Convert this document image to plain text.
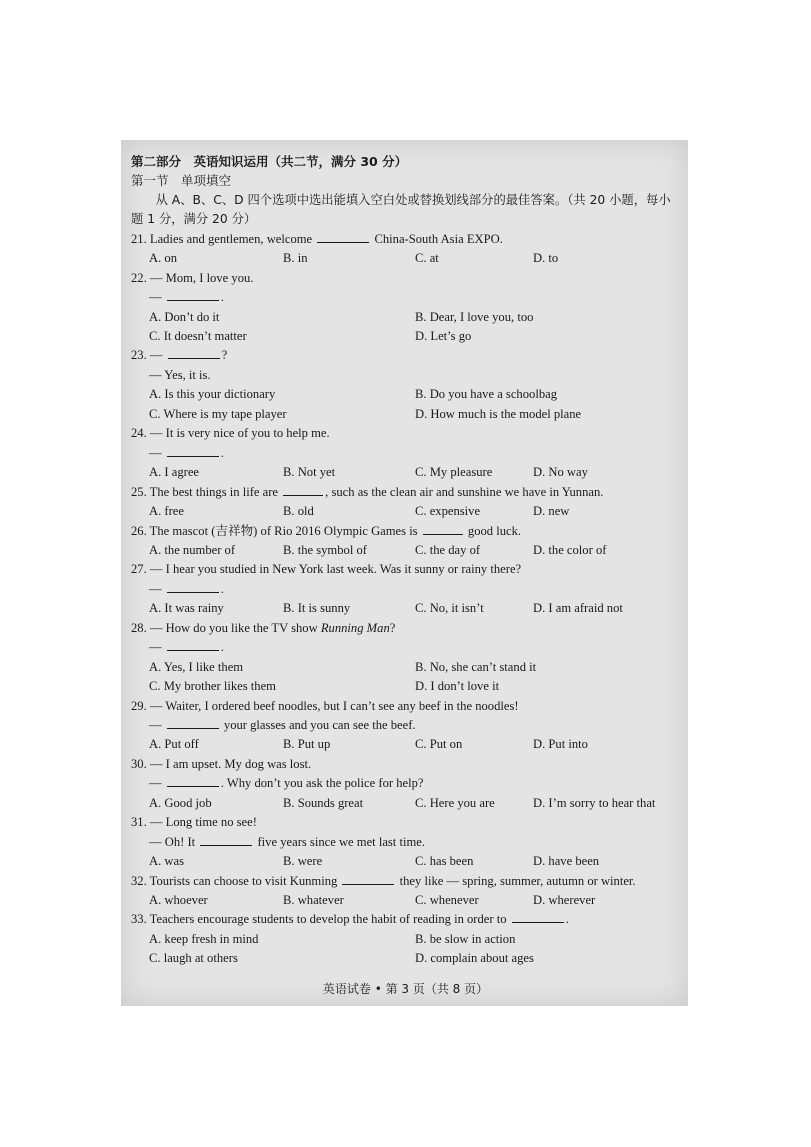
第二部分　英语知识运用（共二节，满分 30 分）
第一节　单项填空
从 A、B、C、D 四个选项中选出能填入空白处或替换划线部分的最佳答案。（共 20 小题，每小题 1 分，满分 20 分）
21. Ladies and gentlemen, welcome	China-South Asia EXPO.
A. on	B. in	C. at	D. to
22. — Mom, I love you.
—	.
A. Don’t do it	B. Dear, I love you, too
C. It doesn’t matter	D. Let’s go
23. —	?
— Yes, it is.
A. Is this your dictionary	B. Do you have a schoolbag
C. Where is my tape player	D. How much is the model plane
24. — It is very nice of you to help me.
—	.
A. I agree	B. Not yet	C. My pleasure	D. No way
25. The best things in life are	, such as the clean air and sunshine we have in Yunnan.
A. free	B. old	C. expensive	D. new
26. The mascot (吉祥物) of Rio 2016 Olympic Games is	good luck.
A. the number of	B. the symbol of	C. the day of	D. the color of
27. — I hear you studied in New York last week. Was it sunny or rainy there?
—	.
A. It was rainy	B. It is sunny	C. No, it isn’t	D. I am afraid not
28. — How do you like the TV show Running Man?
—	.
A. Yes, I like them	B. No, she can’t stand it
C. My brother likes them	D. I don’t love it
29. — Waiter, I ordered beef noodles, but I can’t see any beef in the noodles!
—	your glasses and you can see the beef.
A. Put off	B. Put up	C. Put on	D. Put into
30. — I am upset. My dog was lost.
—	. Why don’t you ask the police for help?
A. Good job	B. Sounds great	C. Here you are	D. I’m sorry to hear that
31. — Long time no see!
— Oh! It	five years since we met last time.
A. was	B. were	C. has been	D. have been
32. Tourists can choose to visit Kunming	they like — spring, summer, autumn or winter.
A. whoever	B. whatever	C. whenever	D. wherever
33. Teachers encourage students to develop the habit of reading in order to	.
A. keep fresh in mind	B. be slow in action
C. laugh at others	D. complain about ages
英语试卷 • 第 3 页（共 8 页）
